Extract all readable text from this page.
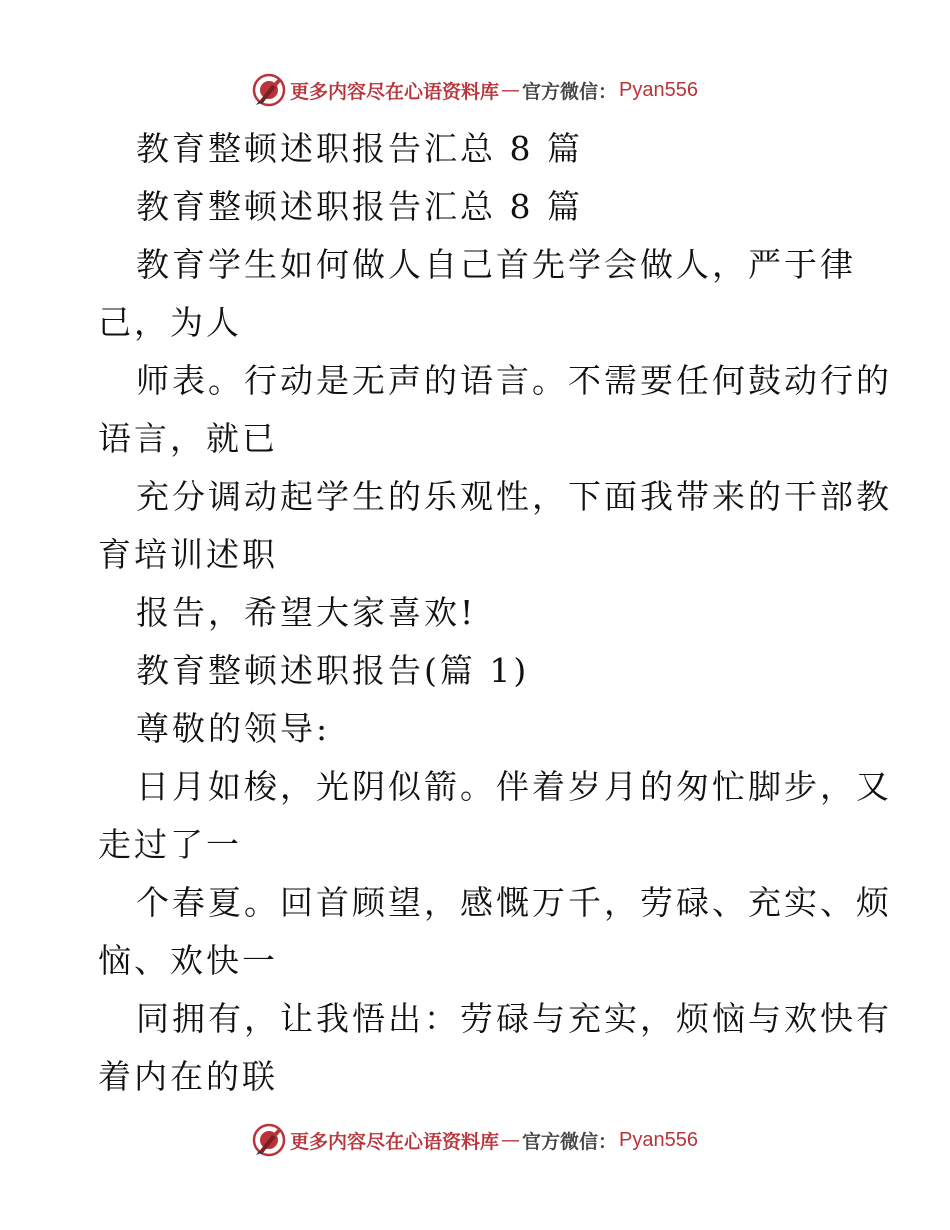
更多内容尽在心语资料库 — 官方微信： Pyan556
教育整顿述职报告汇总 8 篇
教育整顿述职报告汇总 8 篇
教育学生如何做人自己首先学会做人，严于律
己，为人
师表。行动是无声的语言。不需要任何鼓动行的
语言，就已
充分调动起学生的乐观性，下面我带来的干部教
育培训述职
报告，希望大家喜欢!
教育整顿述职报告(篇 1)
尊敬的领导:
日月如梭，光阴似箭。伴着岁月的匆忙脚步，又
走过了一
个春夏。回首顾望，感慨万千，劳碌、充实、烦
恼、欢快一
同拥有，让我悟出：劳碌与充实，烦恼与欢快有
着内在的联
更多内容尽在心语资料库 — 官方微信： Pyan556
